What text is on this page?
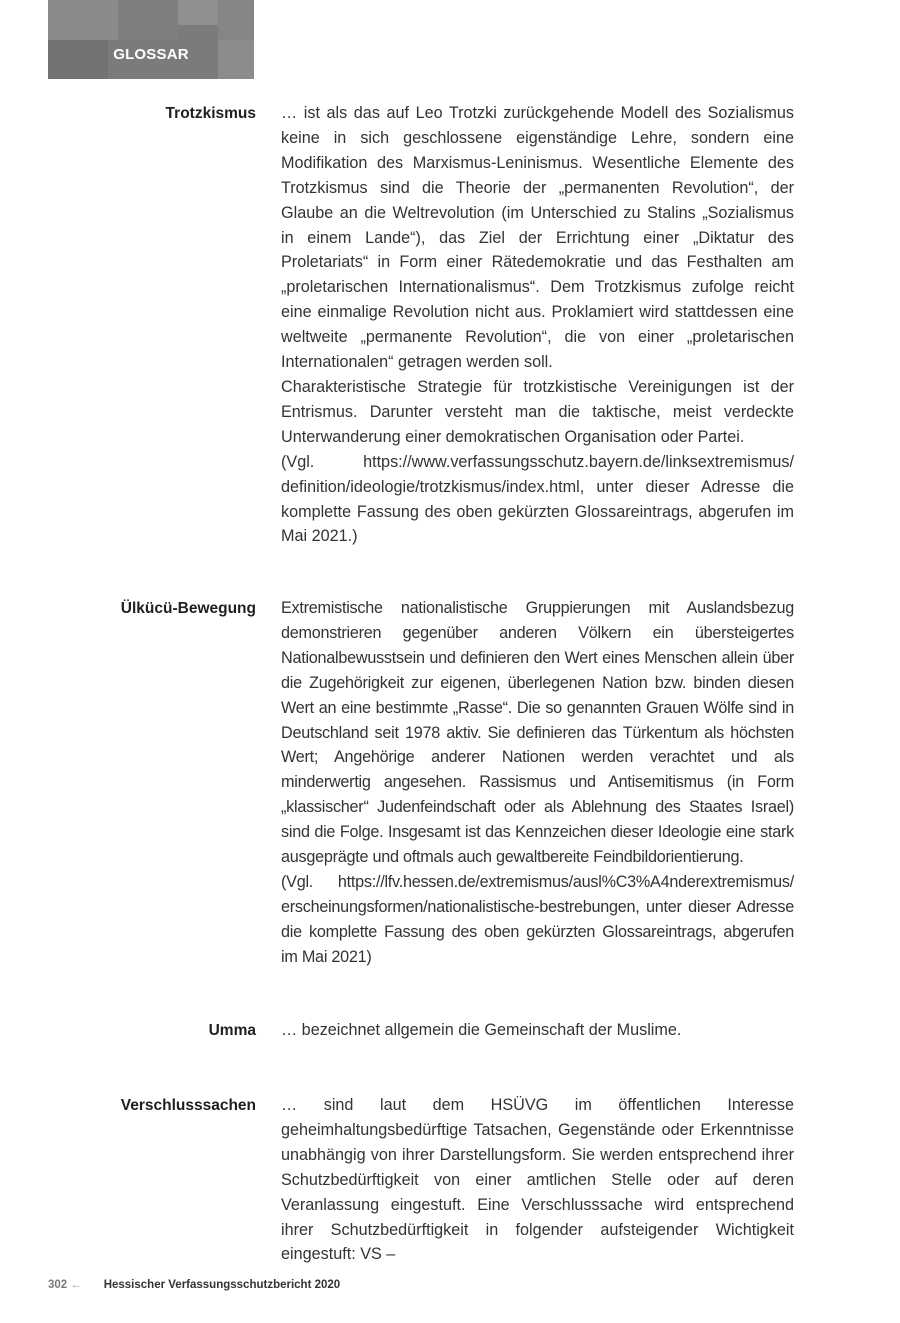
GLOSSAR
Trotzkismus … ist als das auf Leo Trotzki zurückgehende Modell des Sozialismus keine in sich geschlossene eigenständige Lehre, sondern eine Modifikation des Marxismus-Leninismus. Wesentliche Elemente des Trotzkismus sind die Theorie der „permanenten Revolution“, der Glaube an die Weltrevolution (im Unterschied zu Stalins „Sozialismus in einem Lande“), das Ziel der Errichtung einer „Diktatur des Proletariats“ in Form einer Rätedemokratie und das Festhalten am „proletarischen Internationalismus“. Dem Trotzkismus zufolge reicht eine einmalige Revolution nicht aus. Proklamiert wird stattdessen eine weltweite „permanente Revolution“, die von einer „proletarischen Internationalen“ getragen werden soll.

Charakteristische Strategie für trotzkistische Vereinigungen ist der Entrismus. Darunter versteht man die taktische, meist verdeckte Unterwanderung einer demokratischen Organisation oder Partei.

(Vgl. https://www.verfassungsschutz.bayern.de/linksextremismus/ definition/ideologie/trotzkismus/index.html, unter dieser Adresse die komplette Fassung des oben gekürzten Glossareintrags, abgerufen im Mai 2021.)

Ülkücü-Bewegung Extremistische nationalistische Gruppierungen mit Auslandsbezug demonstrieren gegenüber anderen Völkern ein übersteigertes Nationalbewusstsein und definieren den Wert eines Menschen allein über die Zugehörigkeit zur eigenen, überlegenen Nation bzw. binden diesen Wert an eine bestimmte „Rasse“. Die so genannten Grauen Wölfe sind in Deutschland seit 1978 aktiv. Sie definieren das Türkentum als höchsten Wert; Angehörige anderer Nationen werden verachtet und als minderwertig angesehen. Rassismus und Antisemitismus (in Form „klassischer“ Judenfeindschaft oder als Ablehnung des Staates Israel) sind die Folge. Insgesamt ist das Kennzeichen dieser Ideologie eine stark ausgeprägte und oftmals auch gewaltbereite Feindbildorientierung.

(Vgl. https://lfv.hessen.de/extremismus/ausl%C3%A4nderextremismus/ erscheinungsformen/nationalistische-bestrebungen, unter dieser Adresse die komplette Fassung des oben gekürzten Glossareintrags, abgerufen im Mai 2021)

Umma … bezeichnet allgemein die Gemeinschaft der Muslime.

Verschlusssachen … sind laut dem HSÜVG im öffentlichen Interesse geheimhaltungsbedürftige Tatsachen, Gegenstände oder Erkenntnisse unabhängig von ihrer Darstellungsform. Sie werden entsprechend ihrer Schutzbedürftigkeit von einer amtlichen Stelle oder auf deren Veranlassung eingestuft. Eine Verschlusssache wird entsprechend ihrer Schutzbedürftigkeit in folgender aufsteigender Wichtigkeit eingestuft: VS –

302 ← Hessischer Verfassungsschutzbericht 2020
